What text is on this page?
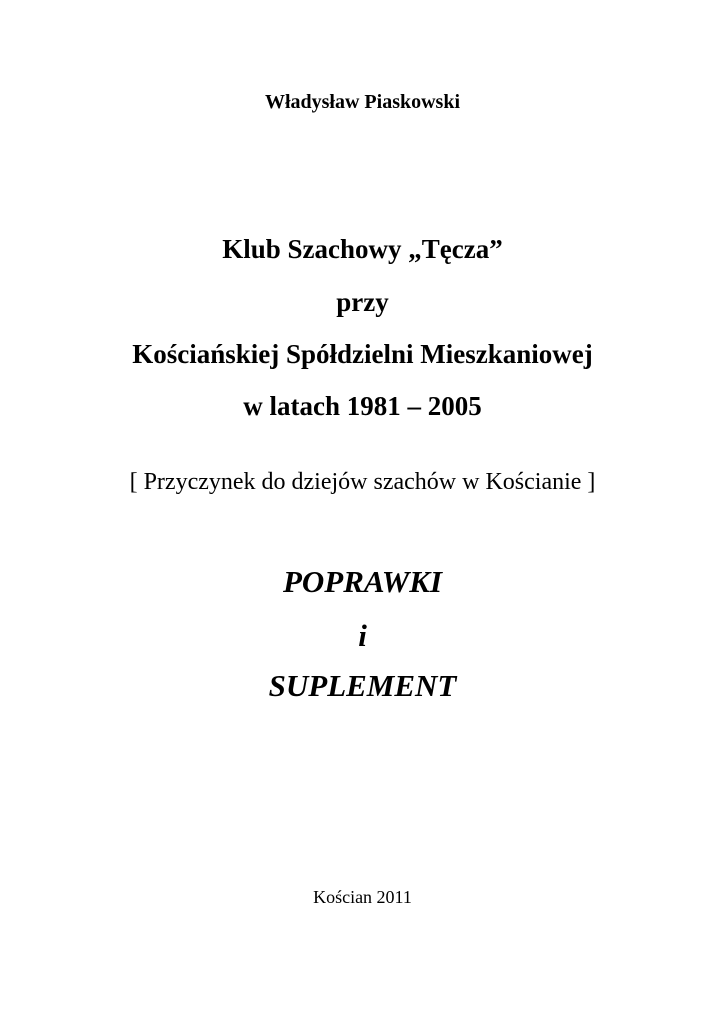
Władysław Piaskowski
Klub Szachowy „Tęcza”
przy
Kościańskiej Spółdzielni Mieszkaniowej
w latach 1981 – 2005
[ Przyczynek do dziejów szachów w Kościanie ]
POPRAWKI
i
SUPLEMENT
Kościan 2011
